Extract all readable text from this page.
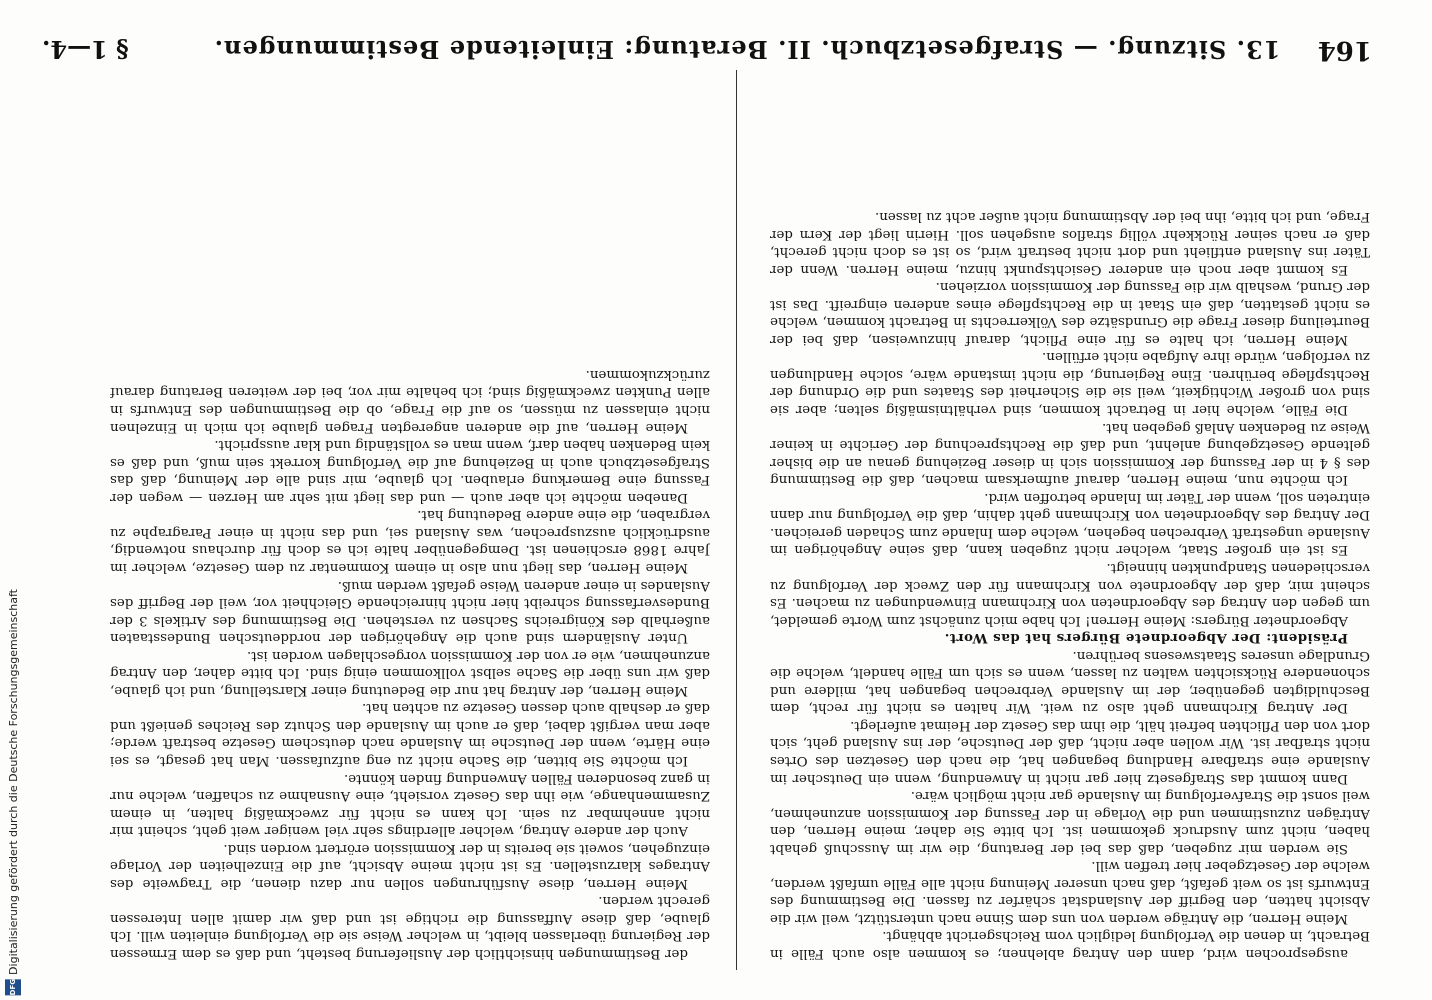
164
13. Sitzung. — Strafgesetzbuch. II. Beratung: Einleitende Bestimmungen.
§ 1—4.

ausgesprochen wird, dann den Antrag ablehnen; es kommen also auch Fälle in Betracht, in denen die Verfolgung lediglich vom Reichsgericht abhängt.

Meine Herren, die Anträge werden von uns dem Sinne nach unterstützt, weil wir die Absicht hatten, den Begriff der Auslandstat schärfer zu fassen. Die Bestimmung des Entwurfs ist so weit gefaßt, daß nach unserer Meinung nicht alle Fälle umfaßt werden, welche der Gesetzgeber hier treffen will.

Sie werden mir zugeben, daß das bei der Beratung, die wir im Ausschuß gehabt haben, nicht zum Ausdruck gekommen ist. Ich bitte Sie daher, meine Herren, den Anträgen zuzustimmen und die Vorlage in der Fassung der Kommission anzunehmen, weil sonst die Strafverfolgung im Auslande gar nicht möglich wäre.

Dann kommt das Strafgesetz hier gar nicht in Anwendung, wenn ein Deutscher im Auslande eine strafbare Handlung begangen hat, die nach den Gesetzen des Ortes nicht strafbar ist. Wir wollen aber nicht, daß der Deutsche, der ins Ausland geht, sich dort von den Pflichten befreit hält, die ihm das Gesetz der Heimat auferlegt.

Der Antrag Kirchmann geht also zu weit. Wir halten es nicht für recht, dem Beschuldigten gegenüber, der im Auslande Verbrechen begangen hat, mildere und schonendere Rücksichten walten zu lassen, wenn es sich um Fälle handelt, welche die Grundlage unseres Staatswesens berühren.

Präsident: Der Abgeordnete Bürgers hat das Wort.

Abgeordneter Bürgers: Meine Herren! Ich habe mich zunächst zum Worte gemeldet, um gegen den Antrag des Abgeordneten von Kirchmann Einwendungen zu machen. Es scheint mir, daß der Abgeordnete von Kirchmann für den Zweck der Verfolgung zu verschiedenen Standpunkten hinneigt.

Es ist ein großer Staat, welcher nicht zugeben kann, daß seine Angehörigen im Auslande ungestraft Verbrechen begehen, welche dem Inlande zum Schaden gereichen. Der Antrag des Abgeordneten von Kirchmann geht dahin, daß die Verfolgung nur dann eintreten soll, wenn der Täter im Inlande betroffen wird.

Ich möchte nun, meine Herren, darauf aufmerksam machen, daß die Bestimmung des § 4 in der Fassung der Kommission sich in dieser Beziehung genau an die bisher geltende Gesetzgebung anlehnt, und daß die Rechtsprechung der Gerichte in keiner Weise zu Bedenken Anlaß gegeben hat.

Die Fälle, welche hier in Betracht kommen, sind verhältnismäßig selten; aber sie sind von großer Wichtigkeit, weil sie die Sicherheit des Staates und die Ordnung der Rechtspflege berühren. Eine Regierung, die nicht imstande wäre, solche Handlungen zu verfolgen, würde ihre Aufgabe nicht erfüllen.

Meine Herren, ich halte es für eine Pflicht, darauf hinzuweisen, daß bei der Beurteilung dieser Frage die Grundsätze des Völkerrechts in Betracht kommen, welche es nicht gestatten, daß ein Staat in die Rechtspflege eines anderen eingreift. Das ist der Grund, weshalb wir die Fassung der Kommission vorziehen.

Es kommt aber noch ein anderer Gesichtspunkt hinzu, meine Herren. Wenn der Täter ins Ausland entflieht und dort nicht bestraft wird, so ist es doch nicht gerecht, daß er nach seiner Rückkehr völlig straflos ausgehen soll. Hierin liegt der Kern der Frage, und ich bitte, ihn bei der Abstimmung nicht außer acht zu lassen.

der Bestimmungen hinsichtlich der Auslieferung besteht, und daß es dem Ermessen der Regierung überlassen bleibt, in welcher Weise sie die Verfolgung einleiten will. Ich glaube, daß diese Auffassung die richtige ist und daß wir damit allen Interessen gerecht werden.

Meine Herren, diese Ausführungen sollen nur dazu dienen, die Tragweite des Antrages klarzustellen. Es ist nicht meine Absicht, auf die Einzelheiten der Vorlage einzugehen, soweit sie bereits in der Kommission erörtert worden sind.

Auch der andere Antrag, welcher allerdings sehr viel weniger weit geht, scheint mir nicht annehmbar zu sein. Ich kann es nicht für zweckmäßig halten, in einem Zusammenhange, wie ihn das Gesetz vorsieht, eine Ausnahme zu schaffen, welche nur in ganz besonderen Fällen Anwendung finden könnte.

Ich möchte Sie bitten, die Sache nicht zu eng aufzufassen. Man hat gesagt, es sei eine Härte, wenn der Deutsche im Auslande nach deutschem Gesetze bestraft werde; aber man vergißt dabei, daß er auch im Auslande den Schutz des Reiches genießt und daß er deshalb auch dessen Gesetze zu achten hat.

Meine Herren, der Antrag hat nur die Bedeutung einer Klarstellung, und ich glaube, daß wir uns über die Sache selbst vollkommen einig sind. Ich bitte daher, den Antrag anzunehmen, wie er von der Kommission vorgeschlagen worden ist.

Unter Ausländern sind auch die Angehörigen der norddeutschen Bundesstaaten außerhalb des Königreichs Sachsen zu verstehen. Die Bestimmung des Artikels 3 der Bundesverfassung schreibt hier nicht hinreichende Gleichheit vor, weil der Begriff des Auslandes in einer anderen Weise gefaßt werden muß.

Meine Herren, das liegt nun also in einem Kommentar zu dem Gesetze, welcher im Jahre 1868 erschienen ist. Demgegenüber halte ich es doch für durchaus notwendig, ausdrücklich auszusprechen, was Ausland sei, und das nicht in einer Paragraphe zu vergraben, die eine andere Bedeutung hat.

Daneben möchte ich aber auch — und das liegt mit sehr am Herzen — wegen der Fassung eine Bemerkung erlauben. Ich glaube, mir sind alle der Meinung, daß das Strafgesetzbuch auch in Beziehung auf die Verfolgung korrekt sein muß, und daß es kein Bedenken haben darf, wenn man es vollständig und klar ausspricht.

Meine Herren, auf die anderen angeregten Fragen glaube ich mich in Einzelnen nicht einlassen zu müssen, so auf die Frage, ob die Bestimmungen des Entwurfs in allen Punkten zweckmäßig sind; ich behalte mir vor, bei der weiteren Beratung darauf zurückzukommen.

Digitalisierung gefördert durch die Deutsche Forschungsgemeinschaft
DFG
